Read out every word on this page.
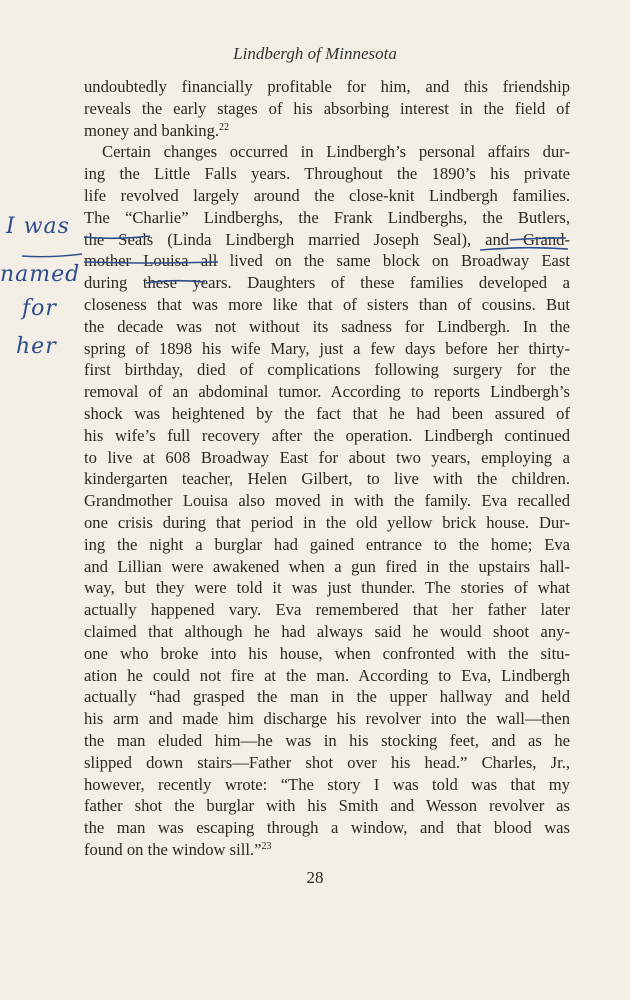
Lindbergh of Minnesota
undoubtedly financially profitable for him, and this friendship
reveals the early stages of his absorbing interest in the field of
money and banking.$^{22}$
Certain changes occurred in Lindbergh’s personal affairs dur-
ing the Little Falls years. Throughout the 1890’s his private
life revolved largely around the close-knit Lindbergh families.
The “Charlie” Lindberghs, the Frank Lindberghs, the Butlers,
the Seals (Linda Lindbergh married Joseph Seal), and Grand-
mother Louisa all lived on the same block on Broadway East
during these years. Daughters of these families developed a
closeness that was more like that of sisters than of cousins. But
the decade was not without its sadness for Lindbergh. In the
spring of 1898 his wife Mary, just a few days before her thirty-
first birthday, died of complications following surgery for the
removal of an abdominal tumor. According to reports Lindbergh’s
shock was heightened by the fact that he had been assured of
his wife’s full recovery after the operation. Lindbergh continued
to live at 608 Broadway East for about two years, employing a
kindergarten teacher, Helen Gilbert, to live with the children.
Grandmother Louisa also moved in with the family. Eva recalled
one crisis during that period in the old yellow brick house. Dur-
ing the night a burglar had gained entrance to the home; Eva
and Lillian were awakened when a gun fired in the upstairs hall-
way, but they were told it was just thunder. The stories of what
actually happened vary. Eva remembered that her father later
claimed that although he had always said he would shoot any-
one who broke into his house, when confronted with the situ-
ation he could not fire at the man. According to Eva, Lindbergh
actually “had grasped the man in the upper hallway and held
his arm and made him discharge his revolver into the wall—then
the man eluded him—he was in his stocking feet, and as he
slipped down stairs—Father shot over his head.” Charles, Jr.,
however, recently wrote: “The story I was told was that my
father shot the burglar with his Smith and Wesson revolver as
the man was escaping through a window, and that blood was
found on the window sill.”$^{23}$
28
I was
named
for
her
